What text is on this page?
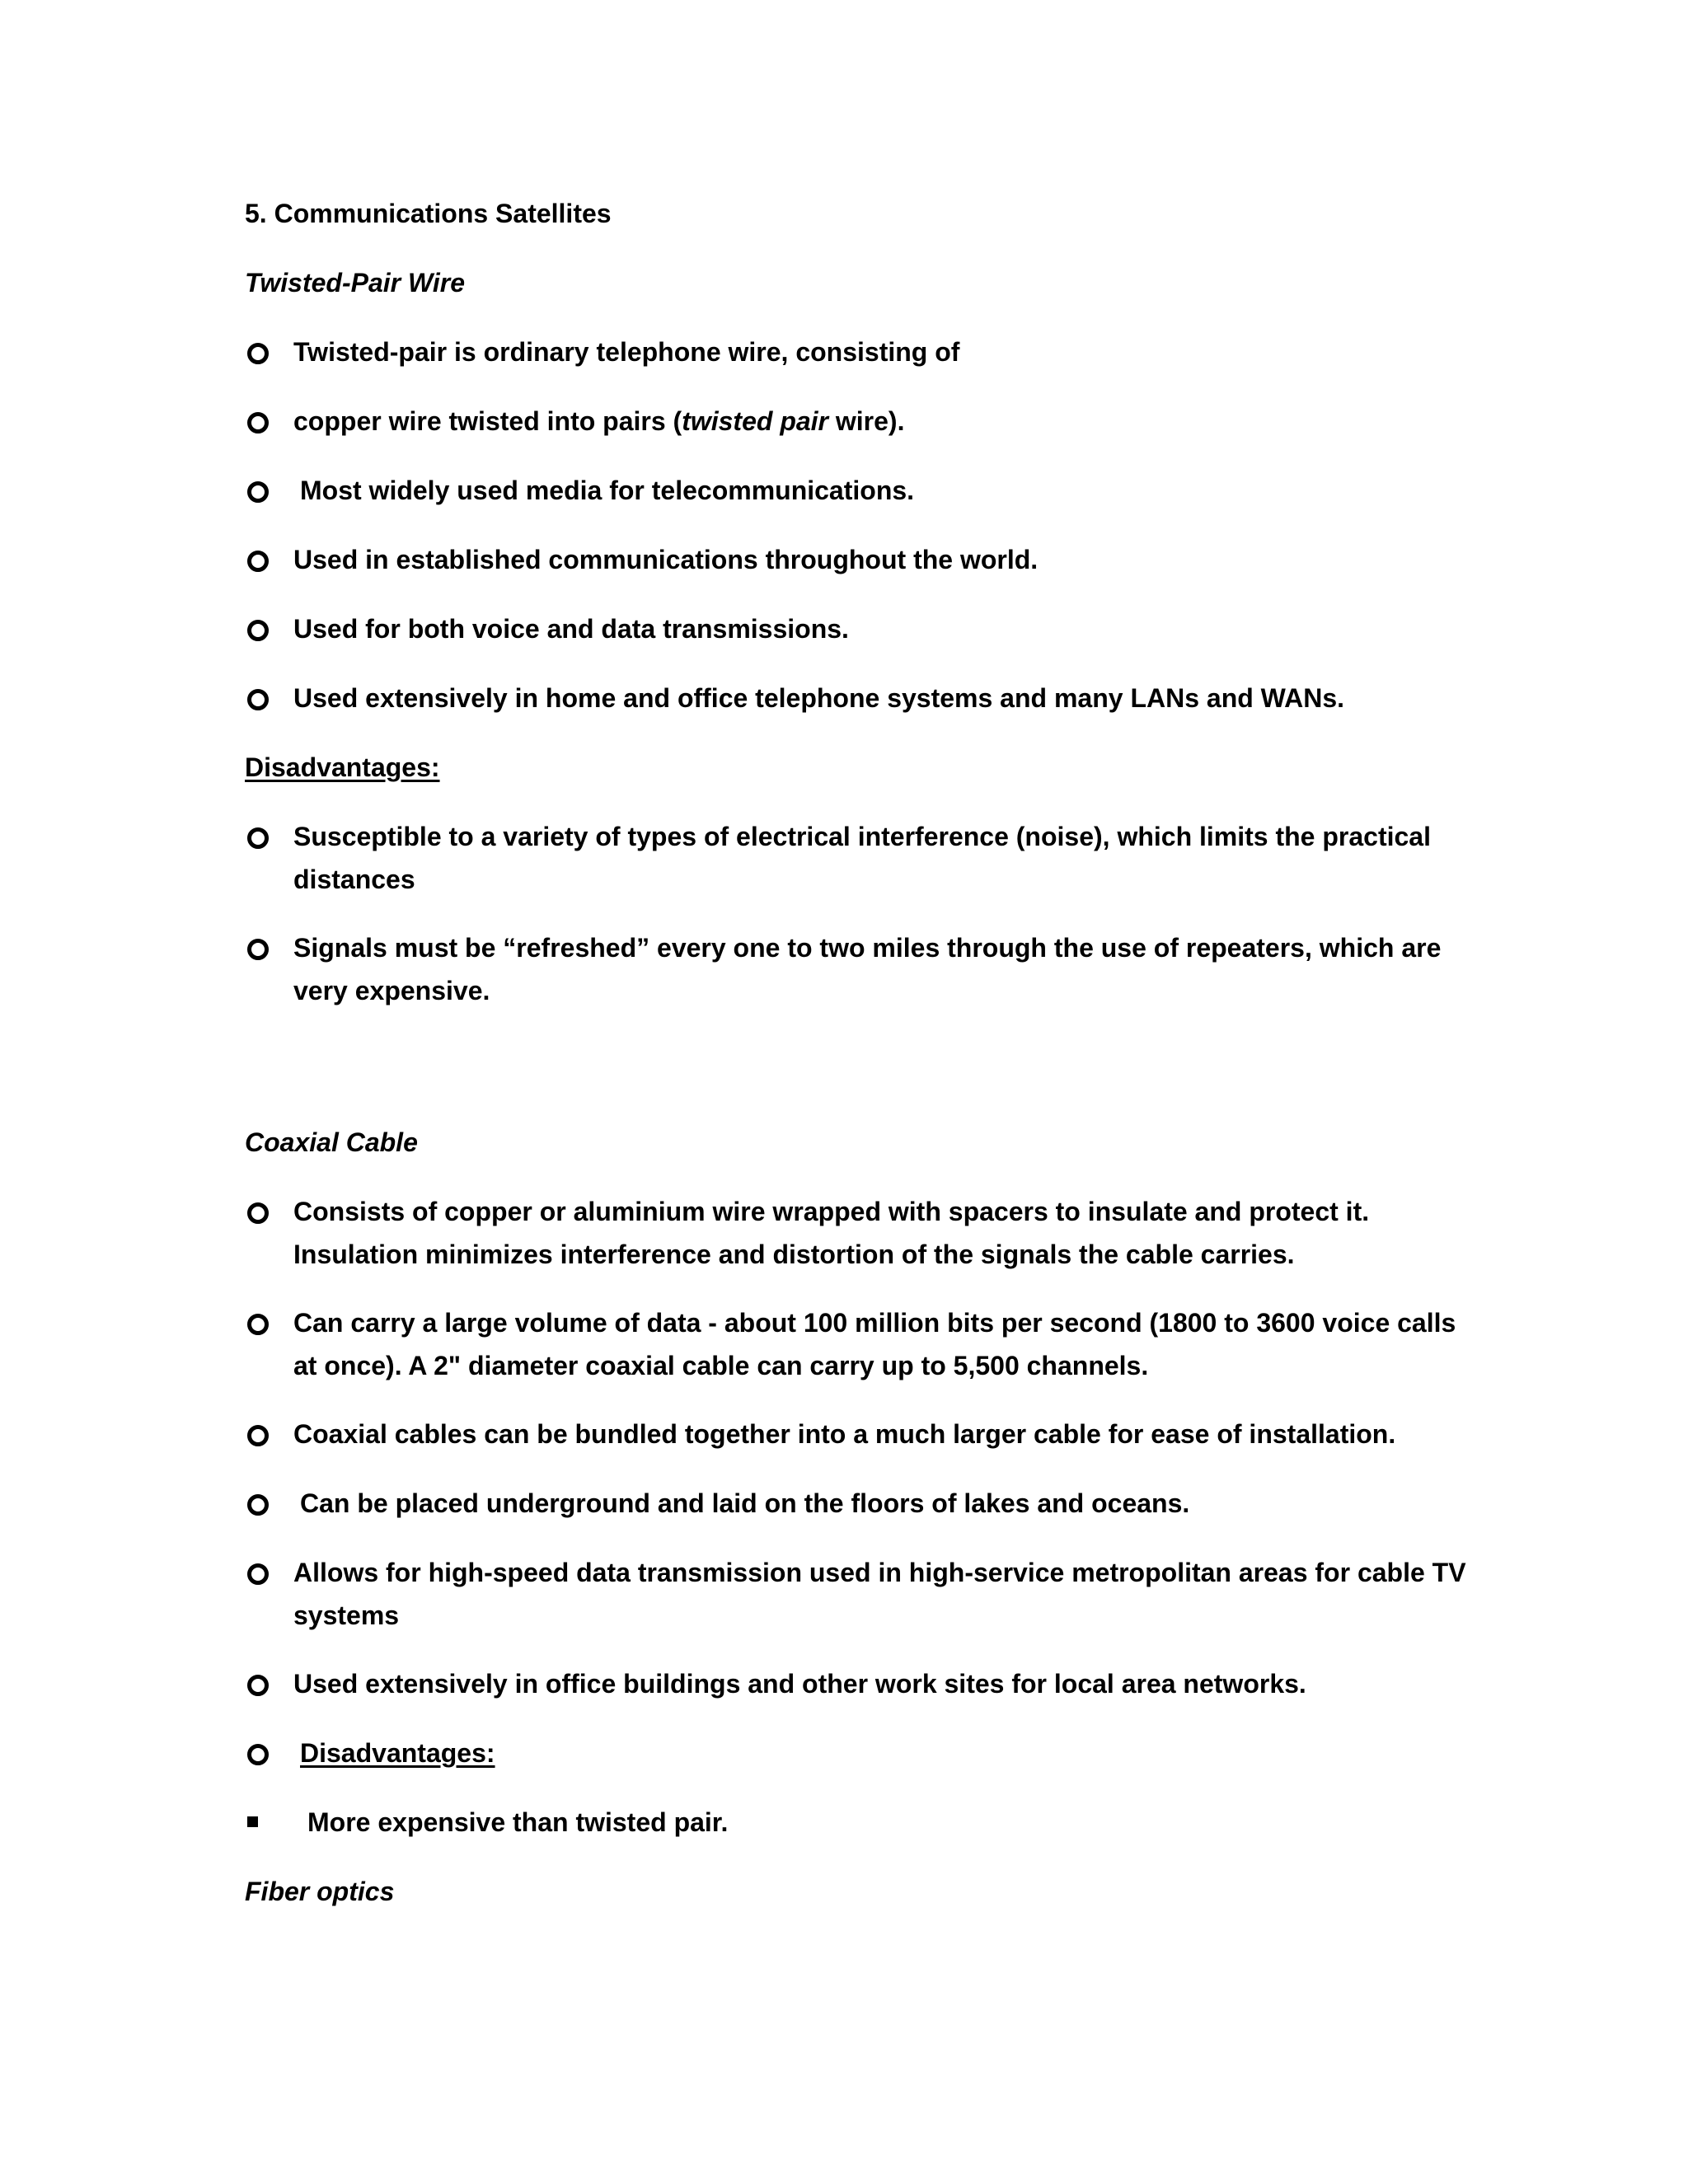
5. Communications Satellites
Twisted-Pair Wire
Twisted-pair is ordinary telephone wire, consisting of
copper wire twisted into pairs (twisted pair wire).
Most widely used media for telecommunications.
Used in established communications throughout the world.
Used for both voice and data transmissions.
Used extensively in home and office telephone systems and many LANs and WANs.
Disadvantages:
Susceptible to a variety of types of electrical interference (noise), which limits the practical distances
Signals must be “refreshed” every one to two miles through the use of repeaters, which are very expensive.
Coaxial Cable
Consists of copper or aluminium wire wrapped with spacers to insulate and protect it. Insulation minimizes interference and distortion of the signals the cable carries.
Can carry a large volume of data - about 100 million bits per second (1800 to 3600 voice calls at once). A 2" diameter coaxial cable can carry up to 5,500 channels.
Coaxial cables can be bundled together into a much larger cable for ease of installation.
Can be placed underground and laid on the floors of lakes and oceans.
Allows for high-speed data transmission used in high-service metropolitan areas for cable TV systems
Used extensively in office buildings and other work sites for local area networks.
Disadvantages:
More expensive than twisted pair.
Fiber optics
